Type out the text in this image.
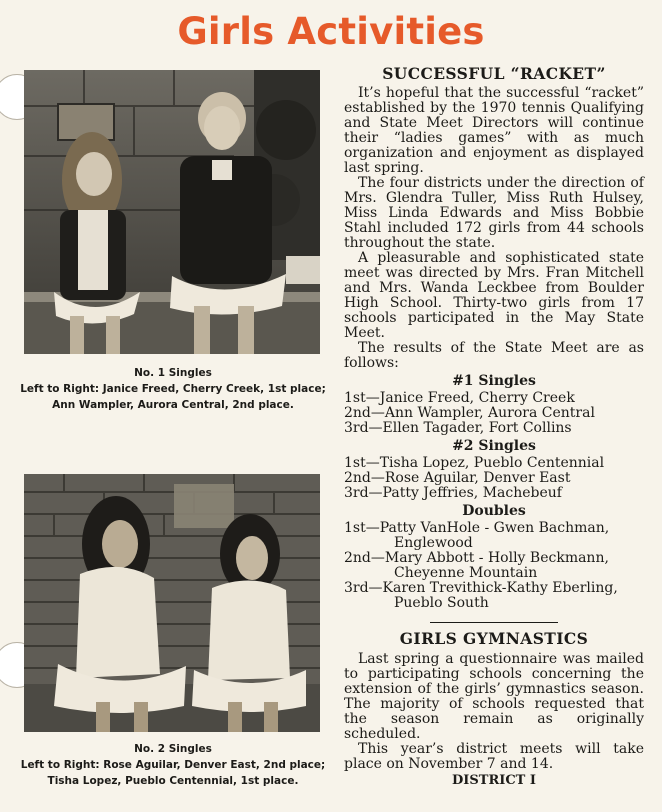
Girls Activities
No. 1 Singles
Left to Right: Janice Freed, Cherry Creek, 1st place; Ann Wampler, Aurora Central, 2nd place.
No. 2 Singles
Left to Right: Rose Aguilar, Denver East, 2nd place; Tisha Lopez, Pueblo Centennial, 1st place.
SUCCESSFUL “RACKET”

It’s hopeful that the successful “racket” established by the 1970 tennis Qualifying and State Meet Directors will continue their “ladies games” with as much organization and enjoyment as displayed last spring.

The four districts under the direction of Mrs. Glendra Tuller, Miss Ruth Hulsey, Miss Linda Edwards and Miss Bobbie Stahl included 172 girls from 44 schools throughout the state.

A pleasurable and sophisticated state meet was directed by Mrs. Fran Mitchell and Mrs. Wanda Leckbee from Boulder High School. Thirty-two girls from 17 schools participated in the May State Meet.

The results of the State Meet are as follows:

#1 Singles

1st—Janice Freed, Cherry Creek

2nd—Ann Wampler, Aurora Central

3rd—Ellen Tagader, Fort Collins

#2 Singles

1st—Tisha Lopez, Pueblo Centennial

2nd—Rose Aguilar, Denver East

3rd—Patty Jeffries, Machebeuf

Doubles

1st—Patty VanHole - Gwen Bachman, Englewood

2nd—Mary Abbott - Holly Beckmann, Cheyenne Mountain

3rd—Karen Trevithick-Kathy Eberling, Pueblo South

GIRLS GYMNASTICS

Last spring a questionnaire was mailed to participating schools concerning the extension of the girls’ gymnastics season. The majority of schools requested that the season remain as originally scheduled.

This year’s district meets will take place on November 7 and 14.

DISTRICT I
